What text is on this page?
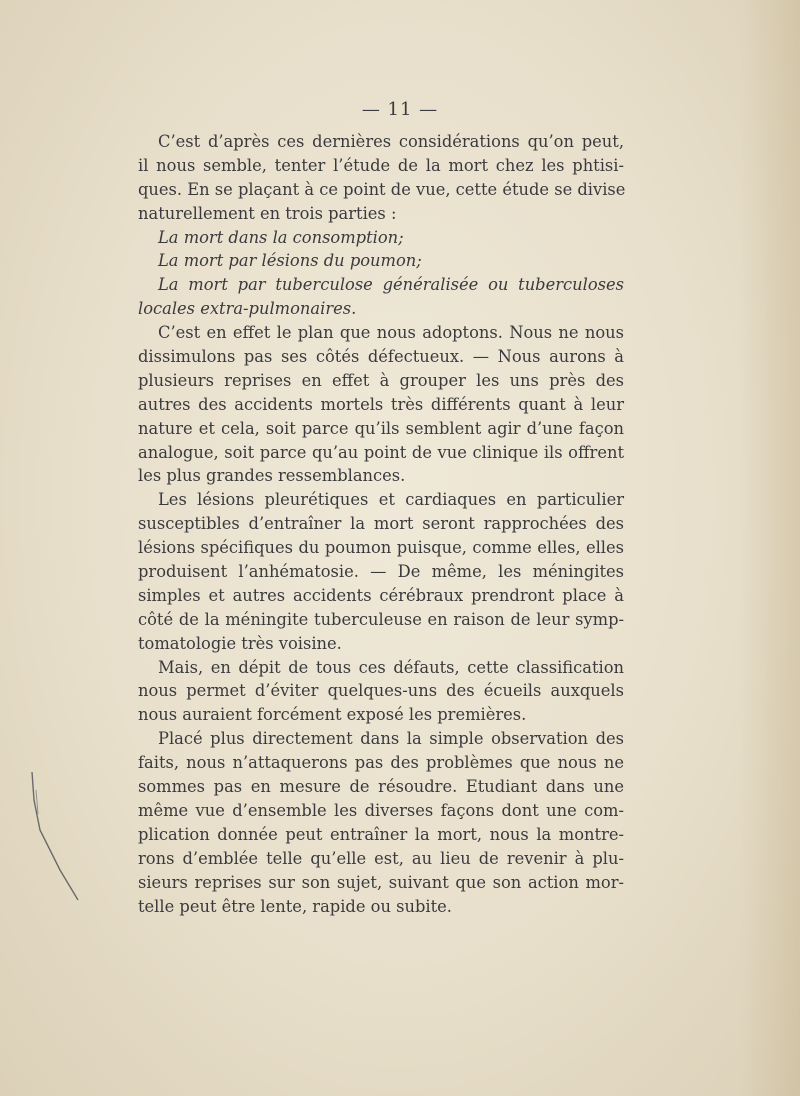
— 11 —
C’est d’après ces dernières considérations qu’on peut,
il nous semble, tenter l’étude de la mort chez les phtisi-
ques. En se plaçant à ce point de vue, cette étude se divise
naturellement en trois parties :
La mort dans la consomption;
La mort par lésions du poumon;
La mort par tuberculose généralisée ou tuberculoses
locales extra-pulmonaires.
C’est en effet le plan que nous adoptons. Nous ne nous
dissimulons pas ses côtés défectueux. — Nous aurons à
plusieurs reprises en effet à grouper les uns près des
autres des accidents mortels très différents quant à leur
nature et cela, soit parce qu’ils semblent agir d’une façon
analogue, soit parce qu’au point de vue clinique ils offrent
les plus grandes ressemblances.
Les lésions pleurétiques et cardiaques en particulier
susceptibles d’entraîner la mort seront rapprochées des
lésions spécifiques du poumon puisque, comme elles, elles
produisent l’anhématosie. — De même, les méningites
simples et autres accidents cérébraux prendront place à
côté de la méningite tuberculeuse en raison de leur symp-
tomatologie très voisine.
Mais, en dépit de tous ces défauts, cette classification
nous permet d’éviter quelques-uns des écueils auxquels
nous auraient forcément exposé les premières.
Placé plus directement dans la simple observation des
faits, nous n’attaquerons pas des problèmes que nous ne
sommes pas en mesure de résoudre. Etudiant dans une
même vue d’ensemble les diverses façons dont une com-
plication donnée peut entraîner la mort, nous la montre-
rons d’emblée telle qu’elle est, au lieu de revenir à plu-
sieurs reprises sur son sujet, suivant que son action mor-
telle peut être lente, rapide ou subite.
